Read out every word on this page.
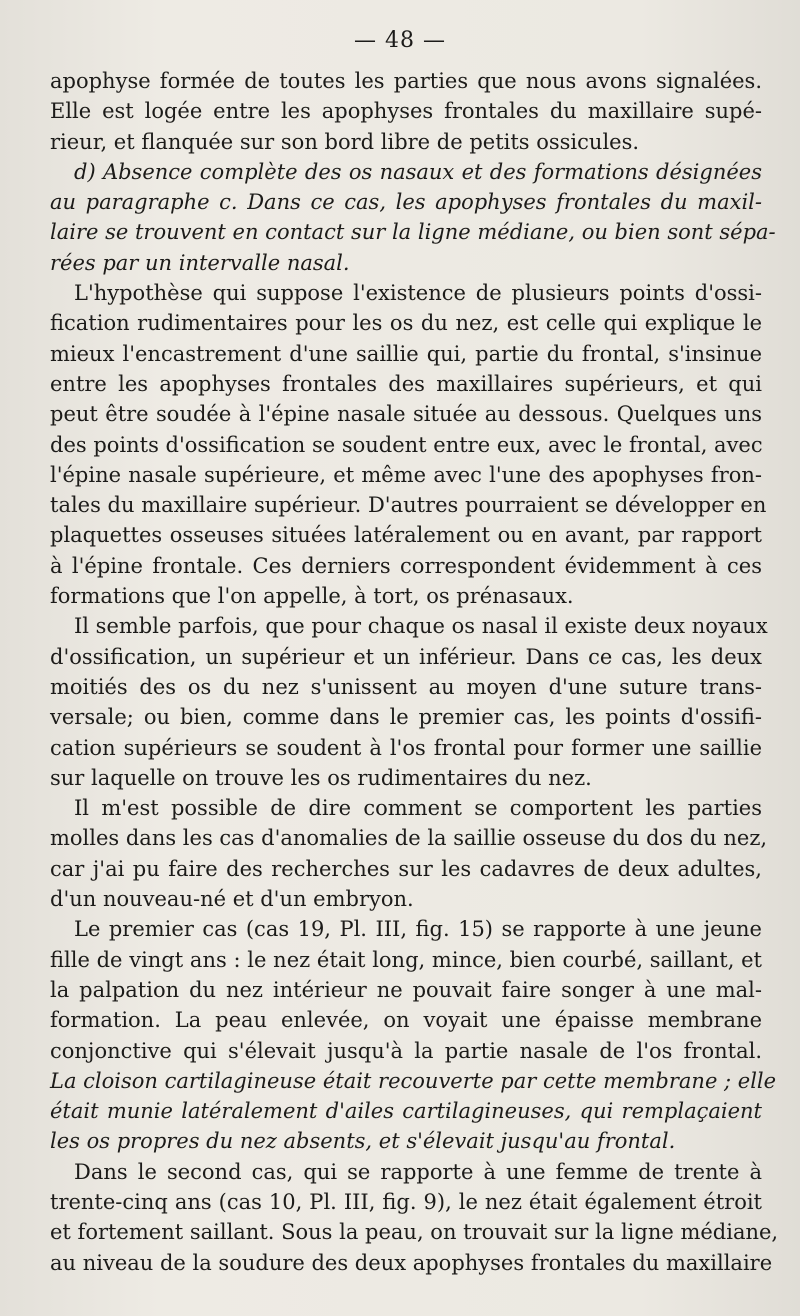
— 48 —
apophyse formée de toutes les parties que nous avons signalées.
Elle est logée entre les apophyses frontales du maxillaire supé-
rieur, et flanquée sur son bord libre de petits ossicules.
d) Absence complète des os nasaux et des formations désignées
au paragraphe c. Dans ce cas, les apophyses frontales du maxil-
laire se trouvent en contact sur la ligne médiane, ou bien sont sépa-
rées par un intervalle nasal.
L'hypothèse qui suppose l'existence de plusieurs points d'ossi-
fication rudimentaires pour les os du nez, est celle qui explique le
mieux l'encastrement d'une saillie qui, partie du frontal, s'insinue
entre les apophyses frontales des maxillaires supérieurs, et qui
peut être soudée à l'épine nasale située au dessous. Quelques uns
des points d'ossification se soudent entre eux, avec le frontal, avec
l'épine nasale supérieure, et même avec l'une des apophyses fron-
tales du maxillaire supérieur. D'autres pourraient se développer en
plaquettes osseuses situées latéralement ou en avant, par rapport
à l'épine frontale. Ces derniers correspondent évidemment à ces
formations que l'on appelle, à tort, os prénasaux.
Il semble parfois, que pour chaque os nasal il existe deux noyaux
d'ossification, un supérieur et un inférieur. Dans ce cas, les deux
moitiés des os du nez s'unissent au moyen d'une suture trans-
versale; ou bien, comme dans le premier cas, les points d'ossifi-
cation supérieurs se soudent à l'os frontal pour former une saillie
sur laquelle on trouve les os rudimentaires du nez.
Il m'est possible de dire comment se comportent les parties
molles dans les cas d'anomalies de la saillie osseuse du dos du nez,
car j'ai pu faire des recherches sur les cadavres de deux adultes,
d'un nouveau-né et d'un embryon.
Le premier cas (cas 19, Pl. III, fig. 15) se rapporte à une jeune
fille de vingt ans : le nez était long, mince, bien courbé, saillant, et
la palpation du nez intérieur ne pouvait faire songer à une mal-
formation. La peau enlevée, on voyait une épaisse membrane
conjonctive qui s'élevait jusqu'à la partie nasale de l'os frontal.
La cloison cartilagineuse était recouverte par cette membrane ; elle
était munie latéralement d'ailes cartilagineuses, qui remplaçaient
les os propres du nez absents, et s'élevait jusqu'au frontal.
Dans le second cas, qui se rapporte à une femme de trente à
trente-cinq ans (cas 10, Pl. III, fig. 9), le nez était également étroit
et fortement saillant. Sous la peau, on trouvait sur la ligne médiane,
au niveau de la soudure des deux apophyses frontales du maxillaire
